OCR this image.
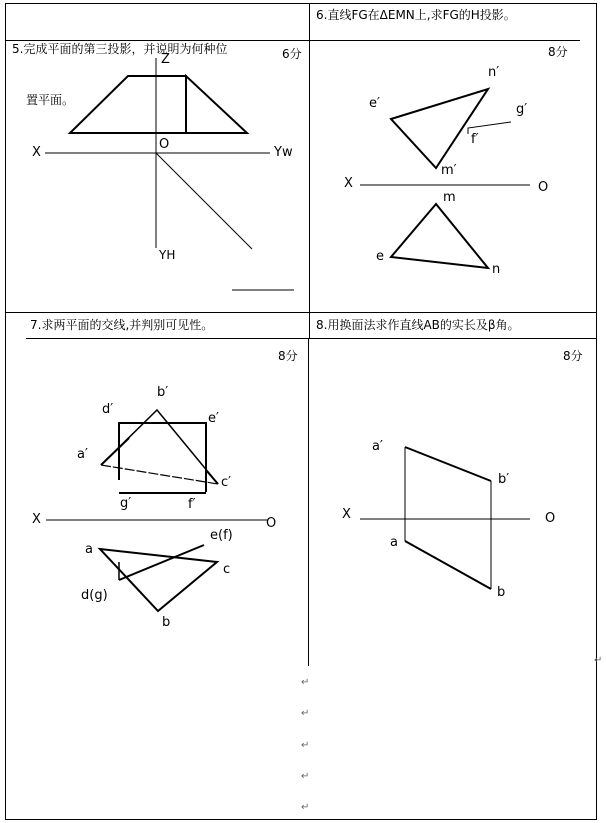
5.完成平面的第三投影，并说明为何种位

置平面。

6分
6.直线FG在ΔEMN上,求FG的H投影。
8分
7.求两平面的交线,并判别可见性。
8分
8.用换面法求作直线AB的实长及β角。
8分
Z
X
O
Yw
YH
n′
e′	g′
f′
m′
X	O
m
e
n
b′
d′
e′
a′
c′
g′	f′
X	O
a
e(f)
c
d(g)
b
a′
b′
X	O
a
b
↵
↵
↵
↵
↵
↵
